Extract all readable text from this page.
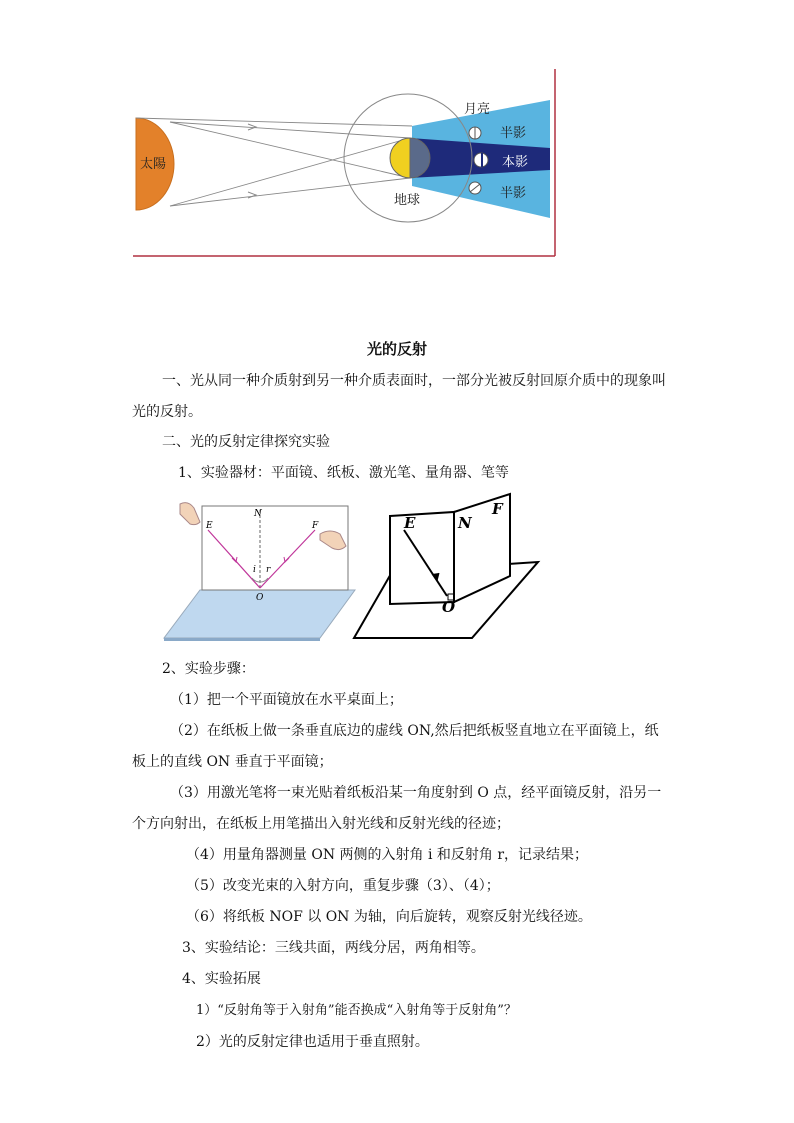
太陽
月亮
半影
本影
半影
地球
光的反射
一、光从同一种介质射到另一种介质表面时，一部分光被反射回原介质中的现象叫
光的反射。
二、光的反射定律探究实验
1、实验器材：平面镜、纸板、激光笔、量角器、笔等
E
N
F
i r
O
E	N
F
O
2、实验步骤：
（1）把一个平面镜放在水平桌面上；
（2）在纸板上做一条垂直底边的虚线 ON,然后把纸板竖直地立在平面镜上，纸
板上的直线 ON 垂直于平面镜；
（3）用激光笔将一束光贴着纸板沿某一角度射到 O 点，经平面镜反射，沿另一
个方向射出，在纸板上用笔描出入射光线和反射光线的径迹；
（4）用量角器测量 ON 两侧的入射角 i 和反射角 r，记录结果；
（5）改变光束的入射方向，重复步骤（3）、（4）；
（6）将纸板 NOF 以 ON 为轴，向后旋转，观察反射光线径迹。
3、实验结论：三线共面，两线分居，两角相等。
4、实验拓展
1）“反射角等于入射角”能否换成“入射角等于反射角”？
2）光的反射定律也适用于垂直照射。
